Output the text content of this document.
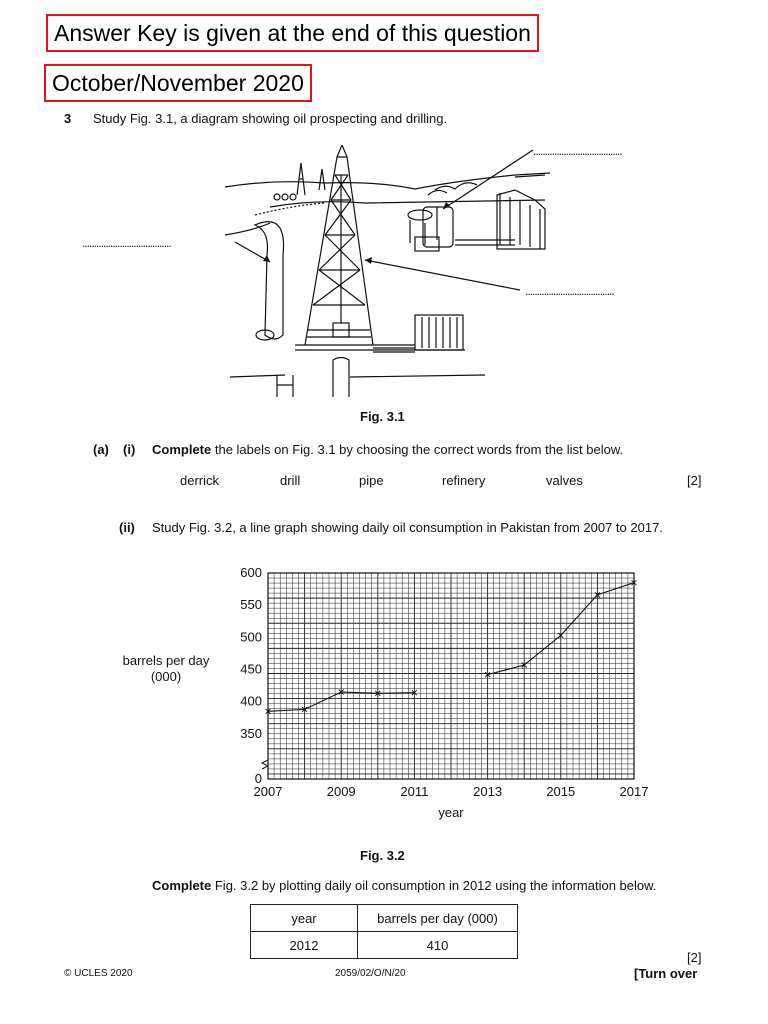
Answer Key is given at the end of this question
October/November 2020
3 Study Fig. 3.1, a diagram showing oil prospecting and drilling.
......................................
......................................
......................................
Fig. 3.1
(a) (i) Complete the labels on Fig. 3.1 by choosing the correct words from the list below.
derrick	drill	pipe	refinery	valves	[2]
(ii) Study Fig. 3.2, a line graph showing daily oil consumption in Pakistan from 2007 to 2017.
barrels per day (000)
0
350
400
450
500
550
600
2007	2009	2011	2013	2015	2017
year
Fig. 3.2
Complete Fig. 3.2 by plotting daily oil consumption in 2012 using the information below.
year	barrels per day (000)
2012	410
[2]
© UCLES 2020	2059/02/O/N/20	[Turn over
